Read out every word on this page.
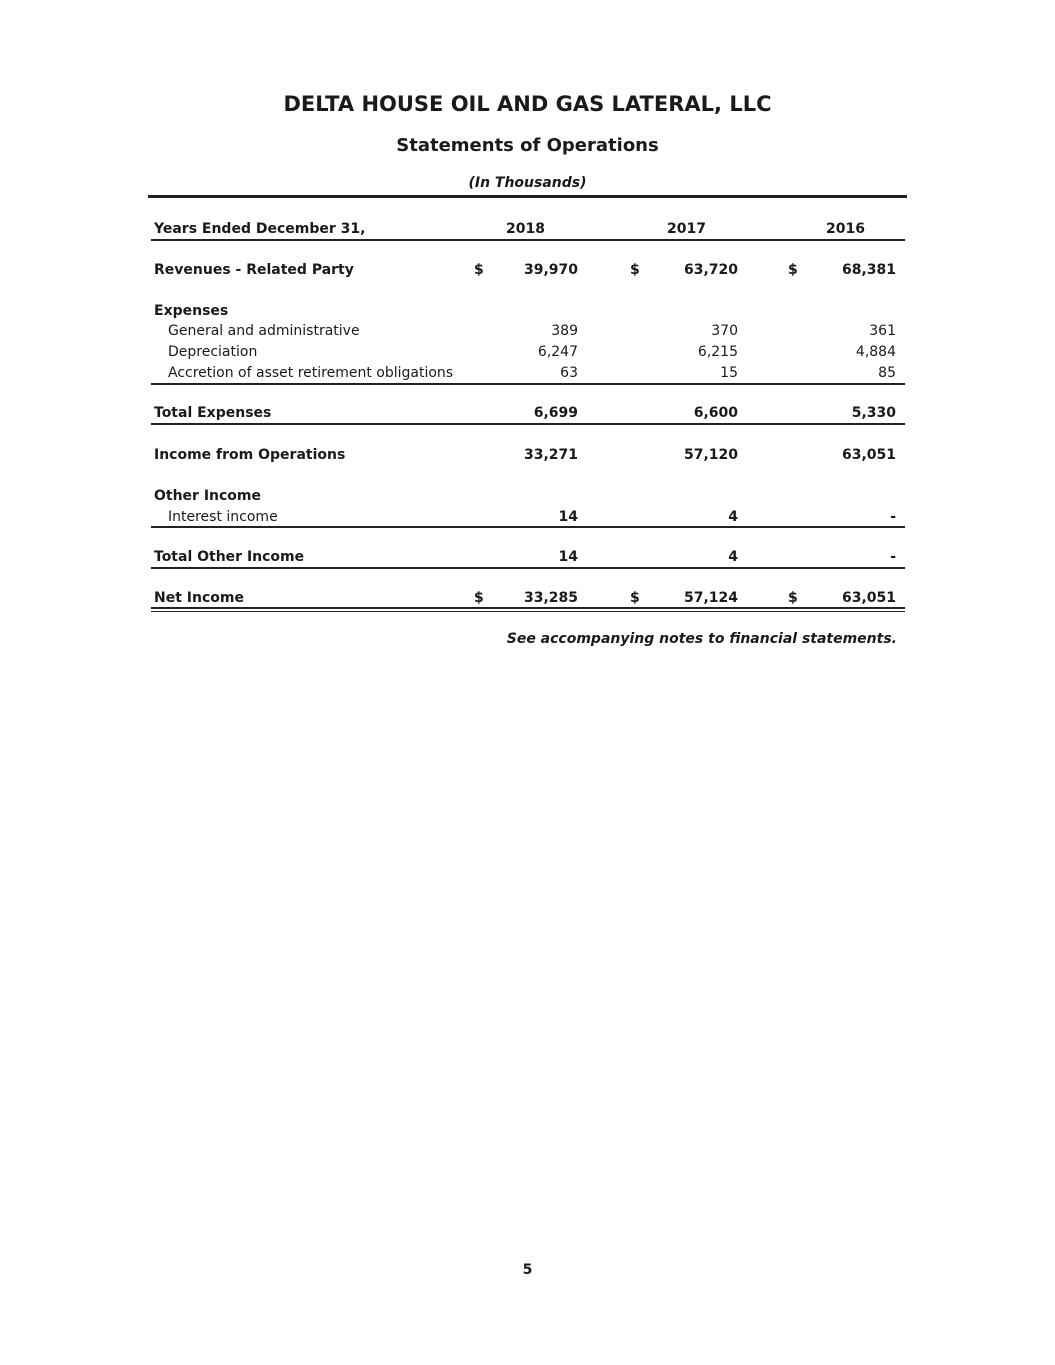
DELTA HOUSE OIL AND GAS LATERAL, LLC
Statements of Operations
(In Thousands)
Years Ended December 31,	2018	2017	2016
Revenues - Related Party	$	39,970	$	63,720	$	68,381
Expenses
General and administrative	389	370	361
Depreciation	6,247	6,215	4,884
Accretion of asset retirement obligations	63	15	85
Total Expenses	6,699	6,600	5,330
Income from Operations	33,271	57,120	63,051
Other Income
Interest income	14	4	-
Total Other Income	14	4	-
Net Income	$	33,285	$	57,124	$	63,051
See accompanying notes to financial statements.
5
